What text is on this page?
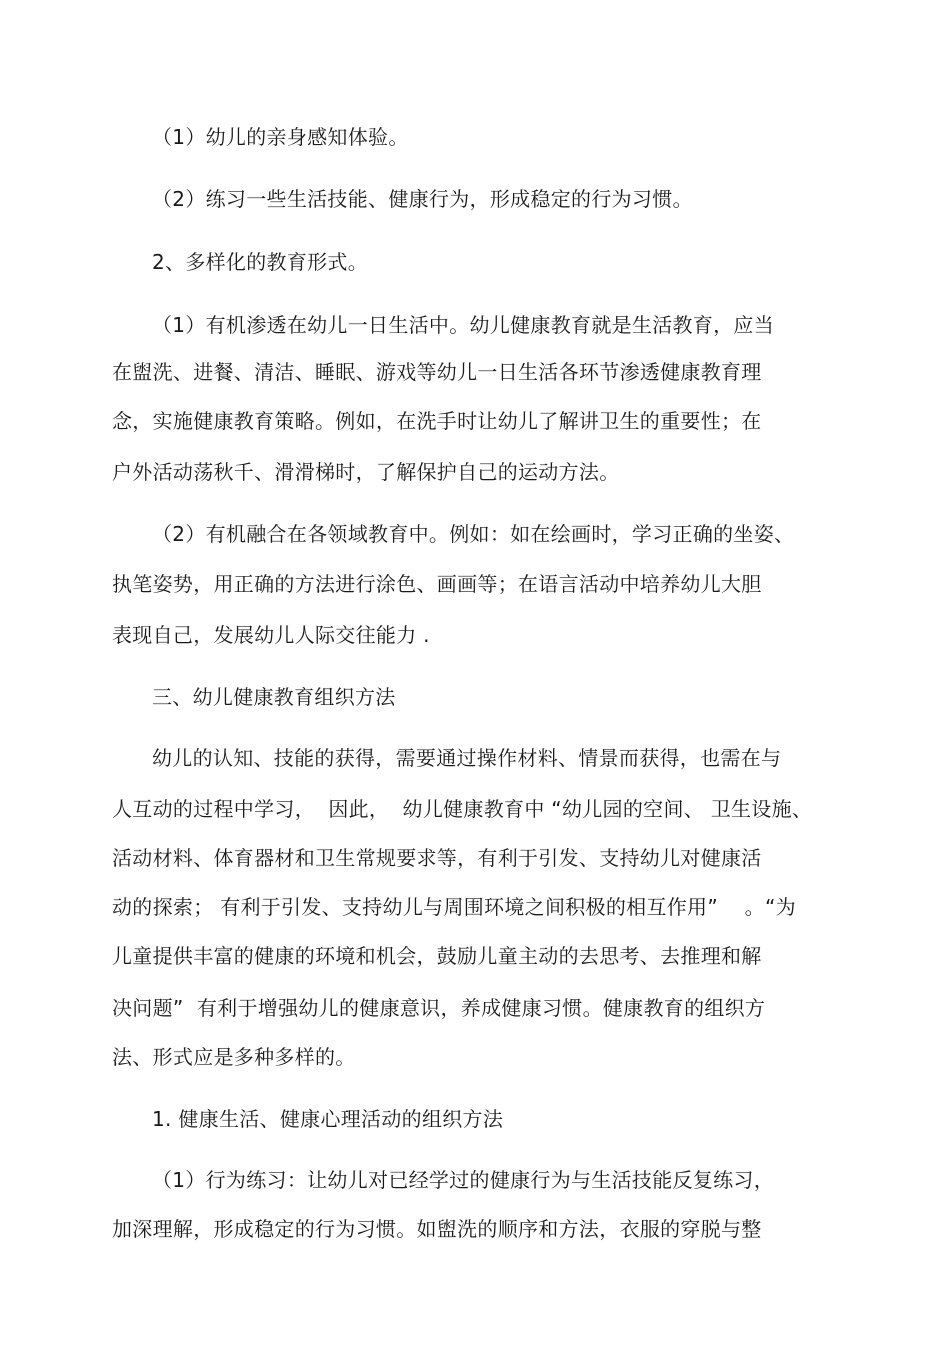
（1）幼儿的亲身感知体验。
（2）练习一些生活技能、健康行为，形成稳定的行为习惯。
2、多样化的教育形式。
（1）有机渗透在幼儿一日生活中。幼儿健康教育就是生活教育，应当
在盥洗、进餐、清洁、睡眠、游戏等幼儿一日生活各环节渗透健康教育理
念，实施健康教育策略。例如，在洗手时让幼儿了解讲卫生的重要性；在
户外活动荡秋千、滑滑梯时，了解保护自己的运动方法。
（2）有机融合在各领域教育中。例如：如在绘画时，学习正确的坐姿、
执笔姿势，用正确的方法进行涂色、画画等；在语言活动中培养幼儿大胆
表现自己，发展幼儿人际交往能力 .
三、幼儿健康教育组织方法
幼儿的认知、技能的获得，需要通过操作材料、情景而获得，也需在与
人互动的过程中学习，  因此，  幼儿健康教育中 “幼儿园的空间、 卫生设施、
活动材料、体育器材和卫生常规要求等，有利于引发、支持幼儿对健康活
动的探索； 有利于引发、支持幼儿与周围环境之间积极的相互作用”    。“为
儿童提供丰富的健康的环境和机会，鼓励儿童主动的去思考、去推理和解
决问题”  有利于增强幼儿的健康意识，养成健康习惯。健康教育的组织方
法、形式应是多种多样的。
1. 健康生活、健康心理活动的组织方法
（1）行为练习：让幼儿对已经学过的健康行为与生活技能反复练习，
加深理解，形成稳定的行为习惯。如盥洗的顺序和方法，衣服的穿脱与整
